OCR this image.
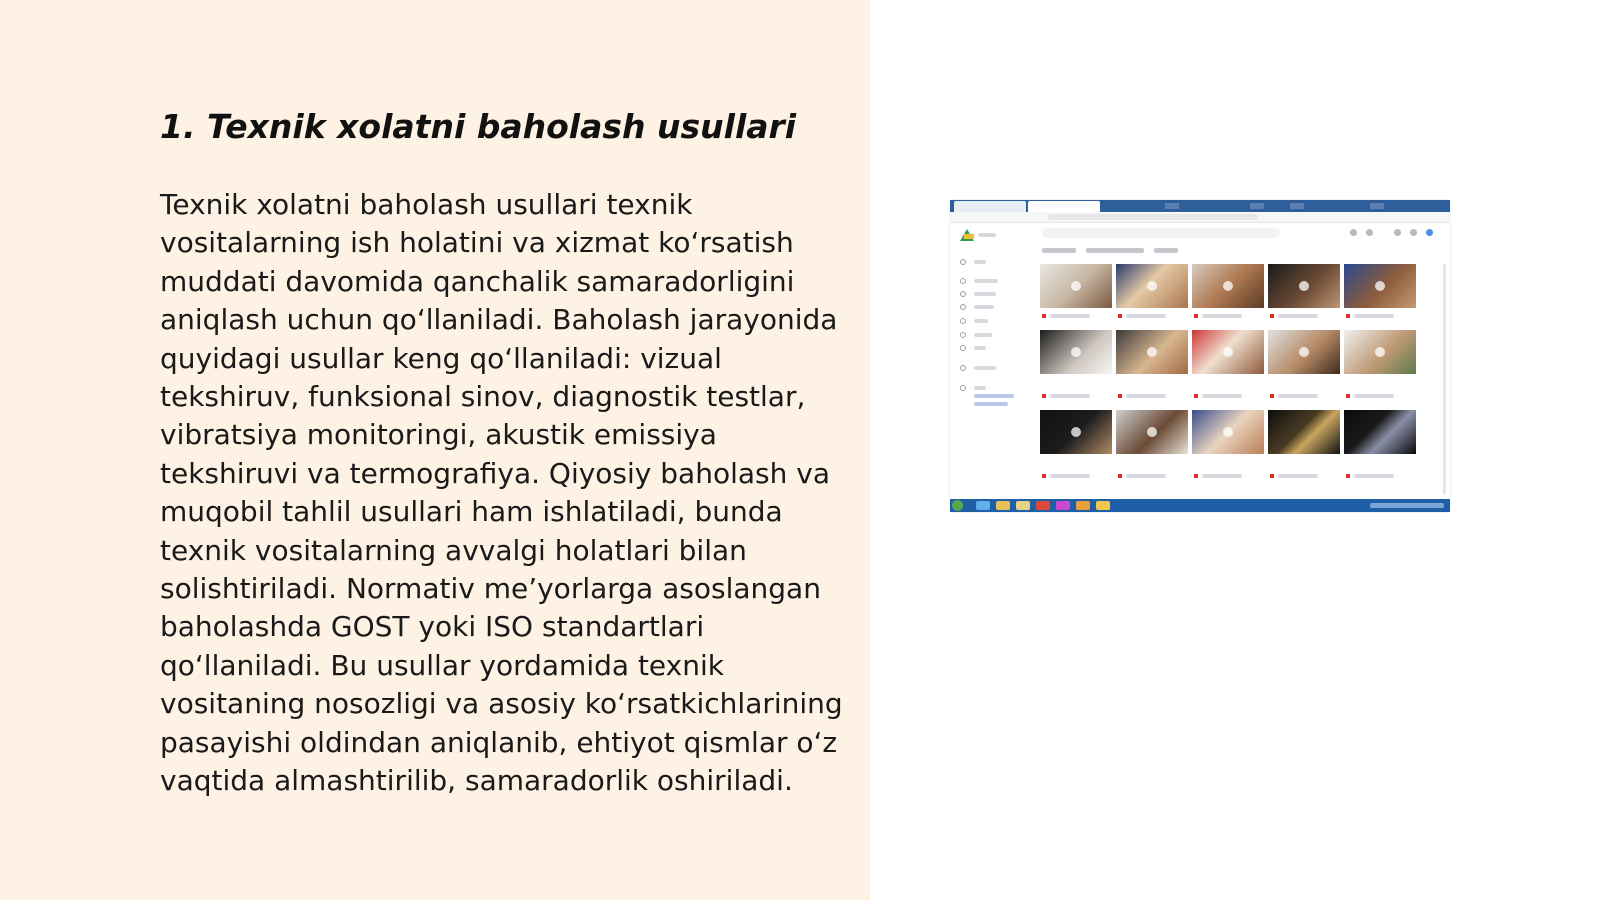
1. Texnik xolatni baholash usullari

Texnik xolatni baholash usullari texnik vositalarning ish holatini va xizmat ko‘rsatish muddati davomida qanchalik samaradorligini aniqlash uchun qo‘llaniladi. Baholash jarayonida quyidagi usullar keng qo‘llaniladi: vizual tekshiruv, funksional sinov, diagnostik testlar, vibratsiya monitoringi, akustik emissiya tekshiruvi va termografiya. Qiyosiy baholash va muqobil tahlil usullari ham ishlatiladi, bunda texnik vositalarning avvalgi holatlari bilan solishtiriladi. Normativ me’yorlarga asoslangan baholashda GOST yoki ISO standartlari qo‘llaniladi. Bu usullar yordamida texnik vositaning nosozligi va asosiy ko‘rsatkichlarining pasayishi oldindan aniqlanib, ehtiyot qismlar o‘z vaqtida almashtirilib, samaradorlik oshiriladi.
